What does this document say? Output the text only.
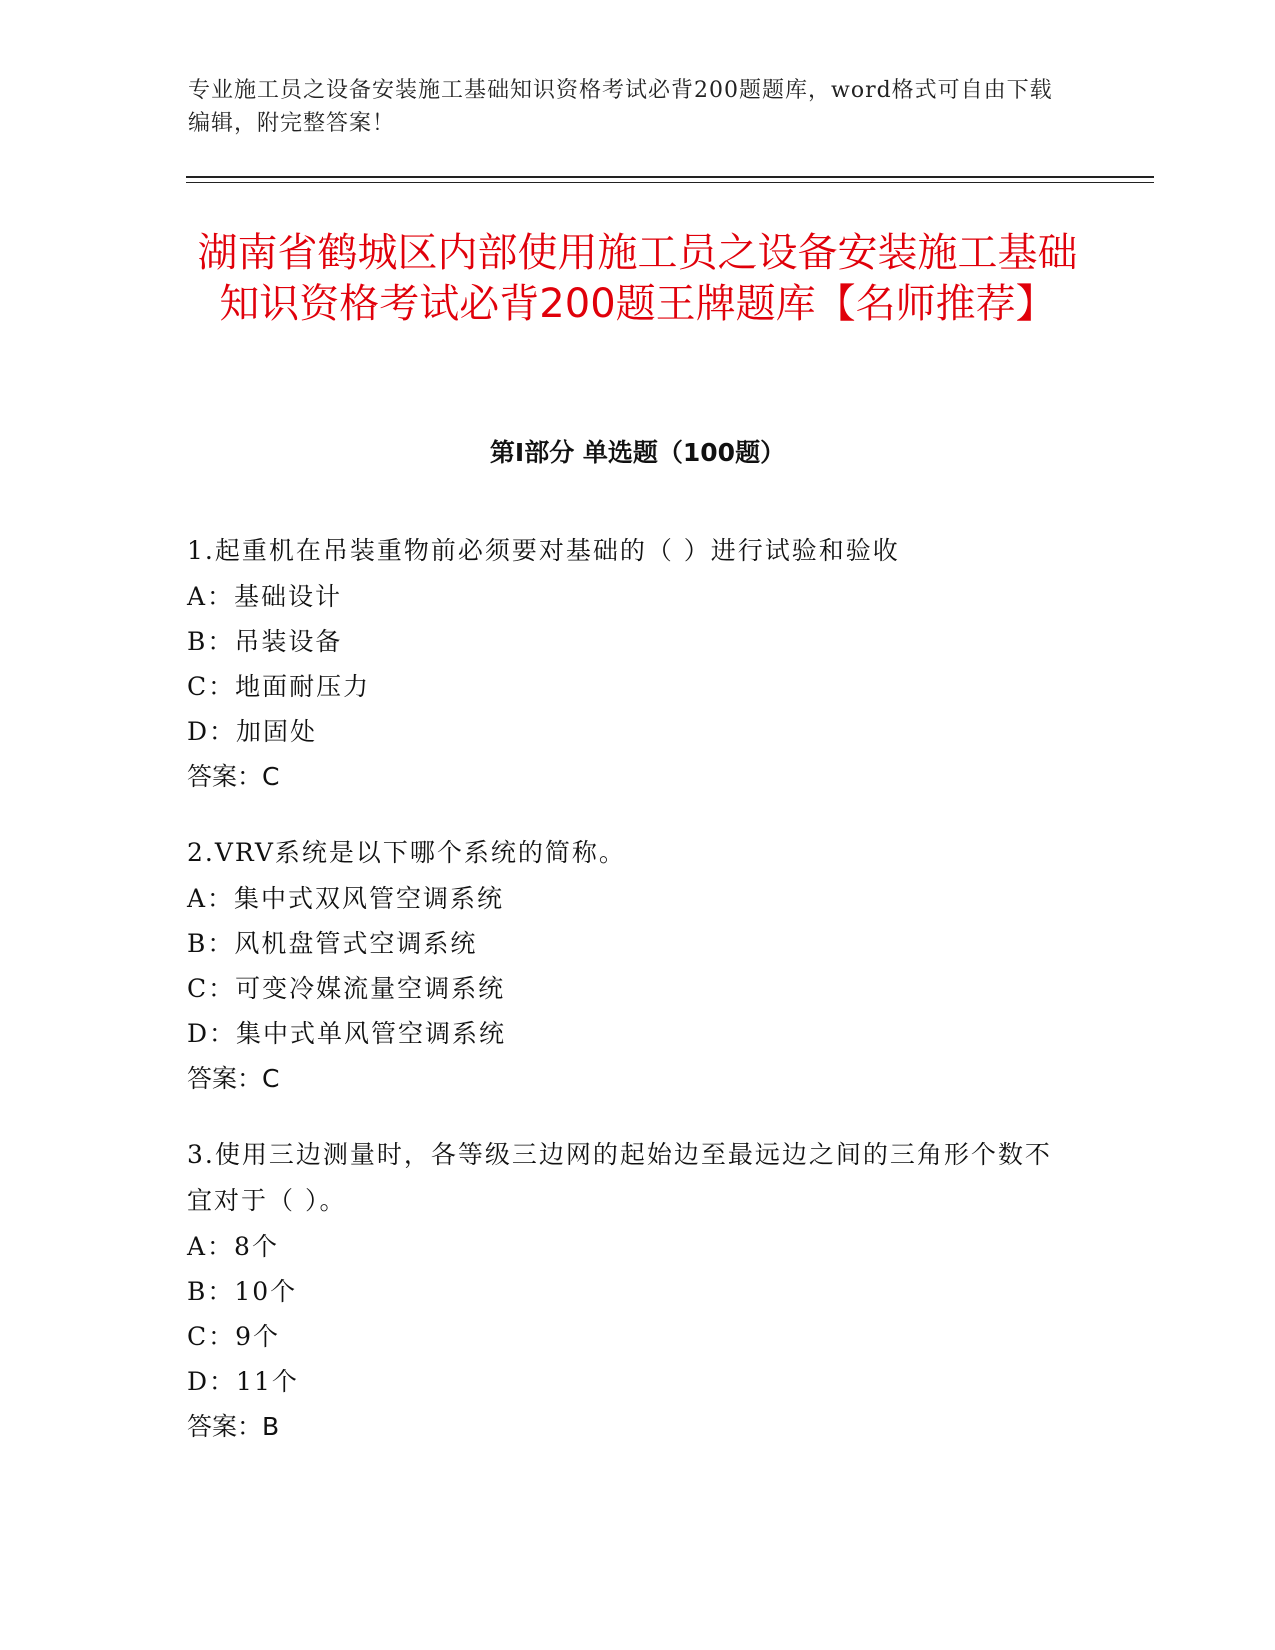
专业施工员之设备安装施工基础知识资格考试必背200题题库，word格式可自由下载编辑，附完整答案！
湖南省鹤城区内部使用施工员之设备安装施工基础知识资格考试必背200题王牌题库【名师推荐】
第I部分 单选题（100题）

1.起重机在吊装重物前必须要对基础的（ ）进行试验和验收

A：基础设计

B：吊装设备

C：地面耐压力

D：加固处

答案：C

2.VRV系统是以下哪个系统的简称。

A：集中式双风管空调系统

B：风机盘管式空调系统

C：可变冷媒流量空调系统

D：集中式单风管空调系统

答案：C

3.使用三边测量时，各等级三边网的起始边至最远边之间的三角形个数不宜对于（ ）。

A：8个

B：10个

C：9个

D：11个

答案：B
